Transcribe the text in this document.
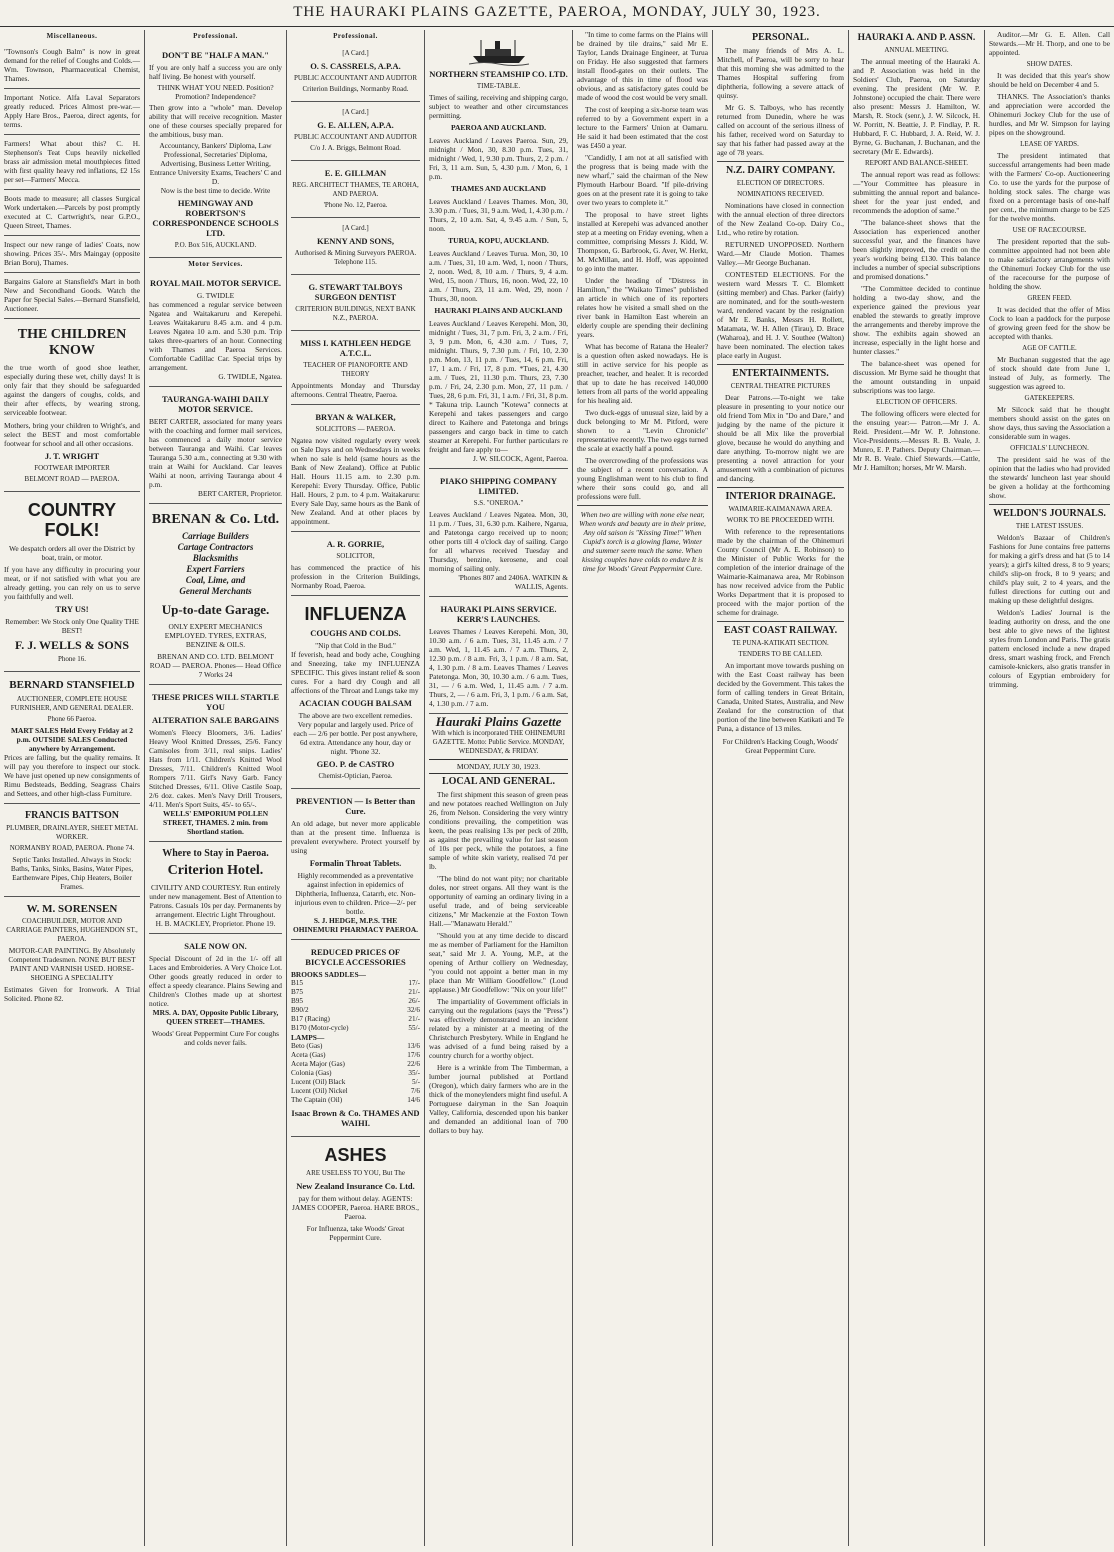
THE HAURAKI PLAINS GAZETTE, PAEROA, MONDAY, JULY 30, 1923.
Miscellaneous.
"Townson's Cough Balm" is now in great demand for the relief of Coughs and Colds.—Wm. Townson, Pharmaceutical Chemist, Thames.
Important Notice. Alfa Laval Separators greatly reduced. Prices Almost pre-war.—Apply Hare Bros., Paeroa, direct agents, for terms.
Farmers! What about this? C. H. Stephenson's Teat Cups heavily nickelled brass air admission metal mouthpieces fitted with first quality heavy red inflations, £2 15s per set—Farmers' Mecca.
Boots made to measure; all classes Surgical Work undertaken.—Parcels by post promptly executed at C. Cartwright's, near G.P.O., Queen Street, Thames.
Inspect our new range of ladies' Coats, now showing. Prices 35/-. Mrs Maingay (opposite Brian Boru), Thames.
Bargains Galore at Stansfield's Mart in both New and Secondhand Goods. Watch the Paper for Special Sales.—Bernard Stansfield, Auctioneer.
THE CHILDREN KNOW
the true worth of good shoe leather, especially during these wet, chilly days! It is only fair that they should be safeguarded against the dangers of coughs, colds, and their after effects, by wearing strong, serviceable footwear.
Mothers, bring your children to Wright's, and select the BEST and most comfortable footwear for school and all other occasions.
J. T. WRIGHT
FOOTWEAR IMPORTER
BELMONT ROAD — PAEROA.
COUNTRY FOLK!
We despatch orders all over the District by boat, train, or motor.
If you have any difficulty in procuring your meat, or if not satisfied with what you are already getting, you can rely on us to serve you faithfully and well.
TRY US!
Remember: We Stock only One Quality THE BEST!
F. J. WELLS & SONS
Phone 16.
BERNARD STANSFIELD
AUCTIONEER, COMPLETE HOUSE FURNISHER, AND GENERAL DEALER.
Phone 66 Paeroa.
MART SALES Held Every Friday at 2 p.m. OUTSIDE SALES Conducted anywhere by Arrangement.
Prices are falling, but the quality remains. It will pay you therefore to inspect our stock. We have just opened up new consignments of Rimu Bedsteads, Bedding, Seagrass Chairs and Settees, and other high-class Furniture.
FRANCIS BATTSON
PLUMBER, DRAINLAYER, SHEET METAL WORKER.
NORMANBY ROAD, PAEROA. Phone 74.
Septic Tanks Installed. Always in Stock: Baths, Tanks, Sinks, Basins, Water Pipes, Earthenware Pipes, Chip Heaters, Boiler Frames.
W. M. SORENSEN
COACHBUILDER, MOTOR AND CARRIAGE PAINTERS, HUGHENDON ST., PAEROA.
MOTOR-CAR PAINTING. By Absolutely Competent Tradesmen. NONE BUT BEST PAINT AND VARNISH USED. HORSE-SHOEING A SPECIALITY
Estimates Given for Ironwork. A Trial Solicited. Phone 82.
Professional.
DON'T BE "HALF A MAN."
If you are only half a success you are only half living. Be honest with yourself.
THINK WHAT YOU NEED. Position? Promotion? Independence?
Then grow into a "whole" man. Develop ability that will receive recognition. Master one of these courses specially prepared for the ambitious, busy man.
Accountancy, Bankers' Diploma, Law Professional, Secretaries' Diploma, Advertising, Business Letter Writing, Entrance University Exams, Teachers' C and D.
Now is the best time to decide. Write
HEMINGWAY AND ROBERTSON'S CORRESPONDENCE SCHOOLS LTD.
P.O. Box 516, AUCKLAND.
Motor Services.
ROYAL MAIL MOTOR SERVICE.
G. TWIDLE
has commenced a regular service between Ngatea and Waitakaruru and Kerepehi. Leaves Waitakaruru 8.45 a.m. and 4 p.m. Leaves Ngatea 10 a.m. and 5.30 p.m. Trip takes three-quarters of an hour. Connecting with Thames and Paeroa Services. Comfortable Cadillac Car. Special trips by arrangement.
G. TWIDLE, Ngatea.
TAURANGA-WAIHI DAILY MOTOR SERVICE.
BERT CARTER, associated for many years with the coaching and former mail services, has commenced a daily motor service between Tauranga and Waihi. Car leaves Tauranga 5.30 a.m., connecting at 9.30 with train at Waihi for Auckland. Car leaves Waihi at noon, arriving Tauranga about 4 p.m.
BERT CARTER, Proprietor.
BRENAN & Co. Ltd.
Carriage Builders
Cartage Contractors
Blacksmiths
Expert Farriers
Coal, Lime, and
General Merchants
Up-to-date Garage.
ONLY EXPERT MECHANICS EMPLOYED. TYRES, EXTRAS, BENZINE & OILS.
BRENAN AND CO. LTD. BELMONT ROAD — PAEROA. Phones— Head Office 7 Works 24
THESE PRICES WILL STARTLE YOU
ALTERATION SALE BARGAINS
Women's Fleecy Bloomers, 3/6. Ladies' Heavy Wool Knitted Dresses, 25/6. Fancy Camisoles from 3/11, real snips. Ladies' Hats from 1/11. Children's Knitted Wool Dresses, 7/11. Children's Knitted Wool Rompers 7/11. Girl's Navy Garb. Fancy Stitched Dresses, 6/11. Olive Castile Soap, 2/6 doz. cakes. Men's Navy Drill Trousers, 4/11. Men's Sport Suits, 45/- to 65/-.
WELLS' EMPORIUM POLLEN STREET, THAMES. 2 min. from Shortland station.
Where to Stay in Paeroa.
Criterion Hotel.
CIVILITY AND COURTESY. Run entirely under new management. Best of Attention to Patrons. Casuals 10s per day. Permanents by arrangement. Electric Light Throughout.
H. B. MACKLEY, Proprietor. Phone 19.
SALE NOW ON.
Special Discount of 2d in the 1/- off all Laces and Embroideries. A Very Choice Lot. Other goods greatly reduced in order to effect a speedy clearance. Plains Sewing and Children's Clothes made up at shortest notice.
MRS. A. DAY, Opposite Public Library, QUEEN STREET—THAMES.
Woods' Great Peppermint Cure For coughs and colds never fails.
Professional.
[A Card.]
O. S. CASSRELS, A.P.A.
PUBLIC ACCOUNTANT AND AUDITOR
Criterion Buildings, Normanby Road.
[A Card.]
G. E. ALLEN, A.P.A.
PUBLIC ACCOUNTANT AND AUDITOR
C/o J. A. Briggs, Belmont Road.
E. E. GILLMAN
REG. ARCHITECT THAMES, TE AROHA, AND PAEROA.
'Phone No. 12, Paeroa.
[A Card.]
KENNY AND SONS,
Authorised & Mining Surveyors PAEROA. Telephone 115.
G. STEWART TALBOYS SURGEON DENTIST
CRITERION BUILDINGS, NEXT BANK N.Z., PAEROA.
MISS I. KATHLEEN HEDGE A.T.C.L.
TEACHER OF PIANOFORTE AND THEORY
Appointments Monday and Thursday afternoons. Central Theatre, Paeroa.
BRYAN & WALKER,
SOLICITORS — PAEROA.
Ngatea now visited regularly every week on Sale Days and on Wednesdays in weeks when no sale is held (same hours as the Bank of New Zealand). Office at Public Hall. Hours 11.15 a.m. to 2.30 p.m. Kerepehi: Every Thursday. Office, Public Hall. Hours, 2 p.m. to 4 p.m. Waitakaruru: Every Sale Day, same hours as the Bank of New Zealand. And at other places by appointment.
A. R. GORRIE,
SOLICITOR,
has commenced the practice of his profession in the Criterion Buildings, Normanby Road, Paeroa.
INFLUENZA
COUGHS AND COLDS.
"Nip that Cold in the Bud."
If feverish, head and body ache, Coughing and Sneezing, take my INFLUENZA SPECIFIC. This gives instant relief & soon cures. For a hard dry Cough and all affections of the Throat and Lungs take my
ACACIAN COUGH BALSAM
The above are two excellent remedies. Very popular and largely used. Price of each — 2/6 per bottle. Per post anywhere, 6d extra. Attendance any hour, day or night. 'Phone 32.
GEO. P. de CASTRO
Chemist-Optician, Paeroa.
PREVENTION — Is Better than Cure.
An old adage, but never more applicable than at the present time. Influenza is prevalent everywhere. Protect yourself by using
Formalin Throat Tablets.
Highly recommended as a preventative against infection in epidemics of Diphtheria, Influenza, Catarrh, etc. Non-injurious even to children. Price—2/- per bottle.
S. J. HEDGE, M.P.S. THE OHINEMURI PHARMACY PAEROA.
REDUCED PRICES OF BICYCLE ACCESSORIES
BROOKS SADDLES—
B15	17/-
B75	21/-
B95	26/-
B90/2	32/6
B17 (Racing)	21/-
B170 (Motor-cycle)	55/-
LAMPS—
Beto (Gas)	13/6
Aceta (Gas)	17/6
Aceta Major (Gas)	22/6
Colonia (Gas)	35/-
Lucent (Oil) Black	5/-
Lucent (Oil) Nickel	7/6
The Captain (Oil)	14/6
Isaac Brown & Co. THAMES AND WAIHI.
ASHES
ARE USELESS TO YOU, But The
New Zealand Insurance Co. Ltd.
pay for them without delay. AGENTS: JAMES COOPER, Paeroa. HARE BROS., Paeroa.
For Influenza, take Woods' Great Peppermint Cure.
NORTHERN STEAMSHIP CO. LTD.
TIME-TABLE.
Times of sailing, receiving and shipping cargo, subject to weather and other circumstances permitting.
PAEROA AND AUCKLAND.
Leaves Auckland / Leaves Paeroa. Sun, 29, midnight / Mon, 30, 8.30 p.m. Tues, 31, midnight / Wed, 1, 9.30 p.m. Thurs, 2, 2 p.m. / Fri, 3, 11 a.m. Sun, 5, 4.30 p.m. / Mon, 6, 1 p.m.
THAMES AND AUCKLAND
Leaves Auckland / Leaves Thames. Mon, 30, 3.30 p.m. / Tues, 31, 9 a.m. Wed, 1, 4.30 p.m. / Thurs, 2, 10 a.m. Sat, 4, 9.45 a.m. / Sun, 5, noon.
TURUA, KOPU, AUCKLAND.
Leaves Auckland / Leaves Turua. Mon, 30, 10 a.m. / Tues, 31, 10 a.m. Wed, 1, noon / Thurs, 2, noon. Wed, 8, 10 a.m. / Thurs, 9, 4 a.m. Wed, 15, noon / Thurs, 16, noon. Wed, 22, 10 a.m. / Thurs, 23, 11 a.m. Wed, 29, noon / Thurs, 30, noon.
HAURAKI PLAINS AND AUCKLAND
Leaves Auckland / Leaves Kerepehi. Mon, 30, midnight / Tues, 31, 7 p.m. Fri, 3, 2 a.m. / Fri, 3, 9 p.m. Mon, 6, 4.30 a.m. / Tues, 7, midnight. Thurs, 9, 7.30 p.m. / Fri, 10, 2.30 p.m. Mon, 13, 11 p.m. / Tues, 14, 6 p.m. Fri, 17, 1 a.m. / Fri, 17, 8 p.m. *Tues, 21, 4.30 a.m. / Tues, 21, 11.30 p.m. Thurs, 23, 7.30 p.m. / Fri, 24, 2.30 p.m. Mon, 27, 11 p.m. / Tues, 28, 6 p.m. Fri, 31, 1 a.m. / Fri, 31, 8 p.m.
* Takuna trip. Launch "Kotewa" connects at Kerepehi and takes passengers and cargo direct to Kaihere and Patetonga and brings passengers and cargo back in time to catch steamer at Kerepehi. For further particulars re freight and fare apply to—
J. W. SILCOCK, Agent, Paeroa.
PIAKO SHIPPING COMPANY LIMITED.
S.S. "ONEROA."
Leaves Auckland / Leaves Ngatea. Mon, 30, 11 p.m. / Tues, 31, 6.30 p.m. Kaihere, Ngarua, and Patetonga cargo received up to noon; other ports till 4 o'clock day of sailing. Cargo for all wharves received Tuesday and Thursday, benzine, kerosene, and coal morning of sailing only.
'Phones 807 and 2406A. WATKIN & WALLIS, Agents.
HAURAKI PLAINS SERVICE. KERR'S LAUNCHES.
Leaves Thames / Leaves Kerepehi. Mon, 30, 10.30 a.m. / 6 a.m. Tues, 31, 11.45 a.m. / 7 a.m. Wed, 1, 11.45 a.m. / 7 a.m. Thurs, 2, 12.30 p.m. / 8 a.m. Fri, 3, 1 p.m. / 8 a.m. Sat, 4, 1.30 p.m. / 8 a.m. Leaves Thames / Leaves Patetonga. Mon, 30, 10.30 a.m. / 6 a.m. Tues, 31, — / 6 a.m. Wed, 1, 11.45 a.m. / 7 a.m. Thurs, 2, — / 6 a.m. Fri, 3, 1 p.m. / 6 a.m. Sat, 4, 1.30 p.m. / 7 a.m.
Hauraki Plains Gazette
With which is incorporated THE OHINEMURI GAZETTE. Motto: Public Service. MONDAY, WEDNESDAY, & FRIDAY.
MONDAY, JULY 30, 1923.
LOCAL AND GENERAL.

The first shipment this season of green peas and new potatoes reached Wellington on July 26, from Nelson. Considering the very wintry conditions prevailing, the competition was keen, the peas realising 13s per peck of 20lb, as against the prevailing value for last season of 10s per peck, while the potatoes, a fine sample of white skin variety, realised 7d per lb.

"The blind do not want pity; nor charitable doles, nor street organs. All they want is the opportunity of earning an ordinary living in a useful trade, and of being serviceable citizens," Mr Mackenzie at the Foxton Town Hall.—"Manawatu Herald."

"Should you at any time decide to discard me as member of Parliament for the Hamilton seat," said Mr J. A. Young, M.P., at the opening of Arthur colliery on Wednesday, "you could not appoint a better man in my place than Mr William Goodfellow." (Loud applause.) Mr Goodfellow: "Nix on your life!"

The impartiality of Government officials in carrying out the regulations (says the "Press") was effectively demonstrated in an incident related by a minister at a meeting of the Christchurch Presbytery. While in England he was advised of a fund being raised by a country church for a worthy object.

Here is a wrinkle from The Timberman, a lumber journal published at Portland (Oregon), which dairy farmers who are in the thick of the moneylenders might find useful. A Portuguese dairyman in the San Joaquin Valley, California, descended upon his banker and demanded an additional loan of 700 dollars to buy hay.

"In time to come farms on the Plains will be drained by tile drains," said Mr E. Taylor, Lands Drainage Engineer, at Turua on Friday. He also suggested that farmers install flood-gates on their outlets. The advantage of this in time of flood was obvious, and as satisfactory gates could be made of wood the cost would be very small.

The cost of keeping a six-horse team was referred to by a Government expert in a lecture to the Farmers' Union at Oamaru. He said it had been estimated that the cost was £450 a year.

"Candidly, I am not at all satisfied with the progress that is being made with the new wharf," said the chairman of the New Plymouth Harbour Board. "If pile-driving goes on at the present rate it is going to take over two years to complete it."

The proposal to have street lights installed at Kerepehi was advanced another step at a meeting on Friday evening, when a committee, comprising Messrs J. Kidd, W. Thompson, G. Barbrook, G. Aver, W. Herkt, M. McMillan, and H. Hoff, was appointed to go into the matter.

Under the heading of "Distress in Hamilton," the "Waikato Times" published an article in which one of its reporters relates how he visited a small shed on the river bank in Hamilton East wherein an elderly couple are spending their declining years.

What has become of Ratana the Healer? is a question often asked nowadays. He is still in active service for his people as preacher, teacher, and healer. It is recorded that up to date he has received 140,000 letters from all parts of the world appealing for his healing aid.

Two duck-eggs of unusual size, laid by a duck belonging to Mr M. Pitford, were shown to a "Levin Chronicle" representative recently. The two eggs turned the scale at exactly half a pound.

The overcrowding of the professions was the subject of a recent conversation. A young Englishman went to his club to find where their sons could go, and all professions were full.

When two are willing with none else near, When words and beauty are in their prime, Any old saison is "Kissing Time!" When Cupid's torch is a glowing flame, Winter and summer seem much the same. When kissing couples have colds to endure It is time for Woods' Great Peppermint Cure.
PERSONAL.

The many friends of Mrs A. L. Mitchell, of Paeroa, will be sorry to hear that this morning she was admitted to the Thames Hospital suffering from diphtheria, following a severe attack of quinsy.

Mr G. S. Talboys, who has recently returned from Dunedin, where he was called on account of the serious illness of his father, received word on Saturday to say that his father had passed away at the age of 78 years.

N.Z. DAIRY COMPANY.
ELECTION OF DIRECTORS.
NOMINATIONS RECEIVED.

Nominations have closed in connection with the annual election of three directors of the New Zealand Co-op. Dairy Co., Ltd., who retire by rotation.

RETURNED UNOPPOSED. Northern Ward.—Mr Claude Motion. Thames Valley.—Mr George Buchanan.

CONTESTED ELECTIONS. For the western ward Messrs T. C. Blomkett (sitting member) and Chas. Parker (fairly) are nominated, and for the south-western ward, rendered vacant by the resignation of Mr E. Banks, Messrs H. Rollett, Matamata, W. H. Allen (Tirau), D. Brace (Waharoa), and H. J. V. Southee (Walton) have been nominated. The election takes place early in August.

ENTERTAINMENTS.
CENTRAL THEATRE PICTURES

Dear Patrons.—To-night we take pleasure in presenting to your notice our old friend Tom Mix in "Do and Dare," and judging by the name of the picture it should be all Mix like the proverbial glove, because he would do anything and dare anything. To-morrow night we are presenting a novel attraction for your amusement with a combination of pictures and dancing.

INTERIOR DRAINAGE.
WAIMARIE-KAIMANAWA AREA.
WORK TO BE PROCEEDED WITH.

With reference to the representations made by the chairman of the Ohinemuri County Council (Mr A. E. Robinson) to the Minister of Public Works for the completion of the interior drainage of the Waimarie-Kaimanawa area, Mr Robinson has now received advice from the Public Works Department that it is proposed to proceed with the major portion of the scheme for drainage.

EAST COAST RAILWAY.
TE PUNA-KATIKATI SECTION.
TENDERS TO BE CALLED.

An important move towards pushing on with the East Coast railway has been decided by the Government. This takes the form of calling tenders in Great Britain, Canada, United States, Australia, and New Zealand for the construction of that portion of the line between Katikati and Te Puna, a distance of 13 miles.

For Children's Hacking Cough, Woods' Great Peppermint Cure.
HAURAKI A. AND P. ASSN.
ANNUAL MEETING.

The annual meeting of the Hauraki A. and P. Association was held in the Soldiers' Club, Paeroa, on Saturday evening. The president (Mr W. P. Johnstone) occupied the chair. There were also present: Messrs J. Hamilton, W. Marsh, R. Stock (senr.), J. W. Silcock, H. W. Porritt, N. Beattie, J. P. Findlay, P. R. Hubbard, F. C. Hubbard, J. A. Reid, W. J. Byrne, G. Buchanan, J. Buchanan, and the secretary (Mr E. Edwards).

REPORT AND BALANCE-SHEET.

The annual report was read as follows:—"Your Committee has pleasure in submitting the annual report and balance-sheet for the year just ended, and recommends the adoption of same."

"The balance-sheet shows that the Association has experienced another successful year, and the finances have been slightly improved, the credit on the year's working being £130. This balance includes a number of special subscriptions and promised donations."

"The Committee decided to continue holding a two-day show, and the experience gained the previous year enabled the stewards to greatly improve the arrangements and thereby improve the show. The exhibits again showed an increase, especially in the light horse and hunter classes."

The balance-sheet was opened for discussion. Mr Byrne said he thought that the amount outstanding in unpaid subscriptions was too large.

ELECTION OF OFFICERS.

The following officers were elected for the ensuing year:— Patron.—Mr J. A. Reid. President.—Mr W. P. Johnstone. Vice-Presidents.—Messrs R. B. Veale, J. Munro, E. P. Pathers. Deputy Chairman.—Mr R. B. Veale. Chief Stewards.—Cattle, Mr J. Hamilton; horses, Mr W. Marsh.

Auditor.—Mr G. E. Allen. Call Stewards.—Mr H. Thorp, and one to be appointed.

SHOW DATES.

It was decided that this year's show should be held on December 4 and 5.

THANKS. The Association's thanks and appreciation were accorded the Ohinemuri Jockey Club for the use of hurdles, and Mr W. Simpson for laying pipes on the showground.

LEASE OF YARDS.

The president intimated that successful arrangements had been made with the Farmers' Co-op. Auctioneering Co. to use the yards for the purpose of holding stock sales. The charge was fixed on a percentage basis of one-half per cent., the minimum charge to be £25 for the twelve months.

USE OF RACECOURSE.

The president reported that the sub-committee appointed had not been able to make satisfactory arrangements with the Ohinemuri Jockey Club for the use of the racecourse for the purpose of holding the show.

GREEN FEED.

It was decided that the offer of Miss Cock to loan a paddock for the purpose of growing green feed for the show be accepted with thanks.

AGE OF CATTLE.

Mr Buchanan suggested that the age of stock should date from June 1, instead of July, as formerly. The suggestion was agreed to.

GATEKEEPERS.

Mr Silcock said that he thought members should assist on the gates on show days, thus saving the Association a considerable sum in wages.

OFFICIALS' LUNCHEON.

The president said he was of the opinion that the ladies who had provided the stewards' luncheon last year should be given a holiday at the forthcoming show.

WELDON'S JOURNALS.
THE LATEST ISSUES.

Weldon's Bazaar of Children's Fashions for June contains free patterns for making a girl's dress and hat (5 to 14 years); a girl's kilted dress, 8 to 9 years; child's slip-on frock, 8 to 9 years; and child's play suit, 2 to 4 years, and the fullest directions for cutting out and making up these delightful designs.

Weldon's Ladies' Journal is the leading authority on dress, and the one best able to give news of the lightest styles from London and Paris. The gratis pattern enclosed include a new draped dress, smart washing frock, and French camisole-knickers, also gratis transfer in colours of Egyptian embroidery for trimming.
